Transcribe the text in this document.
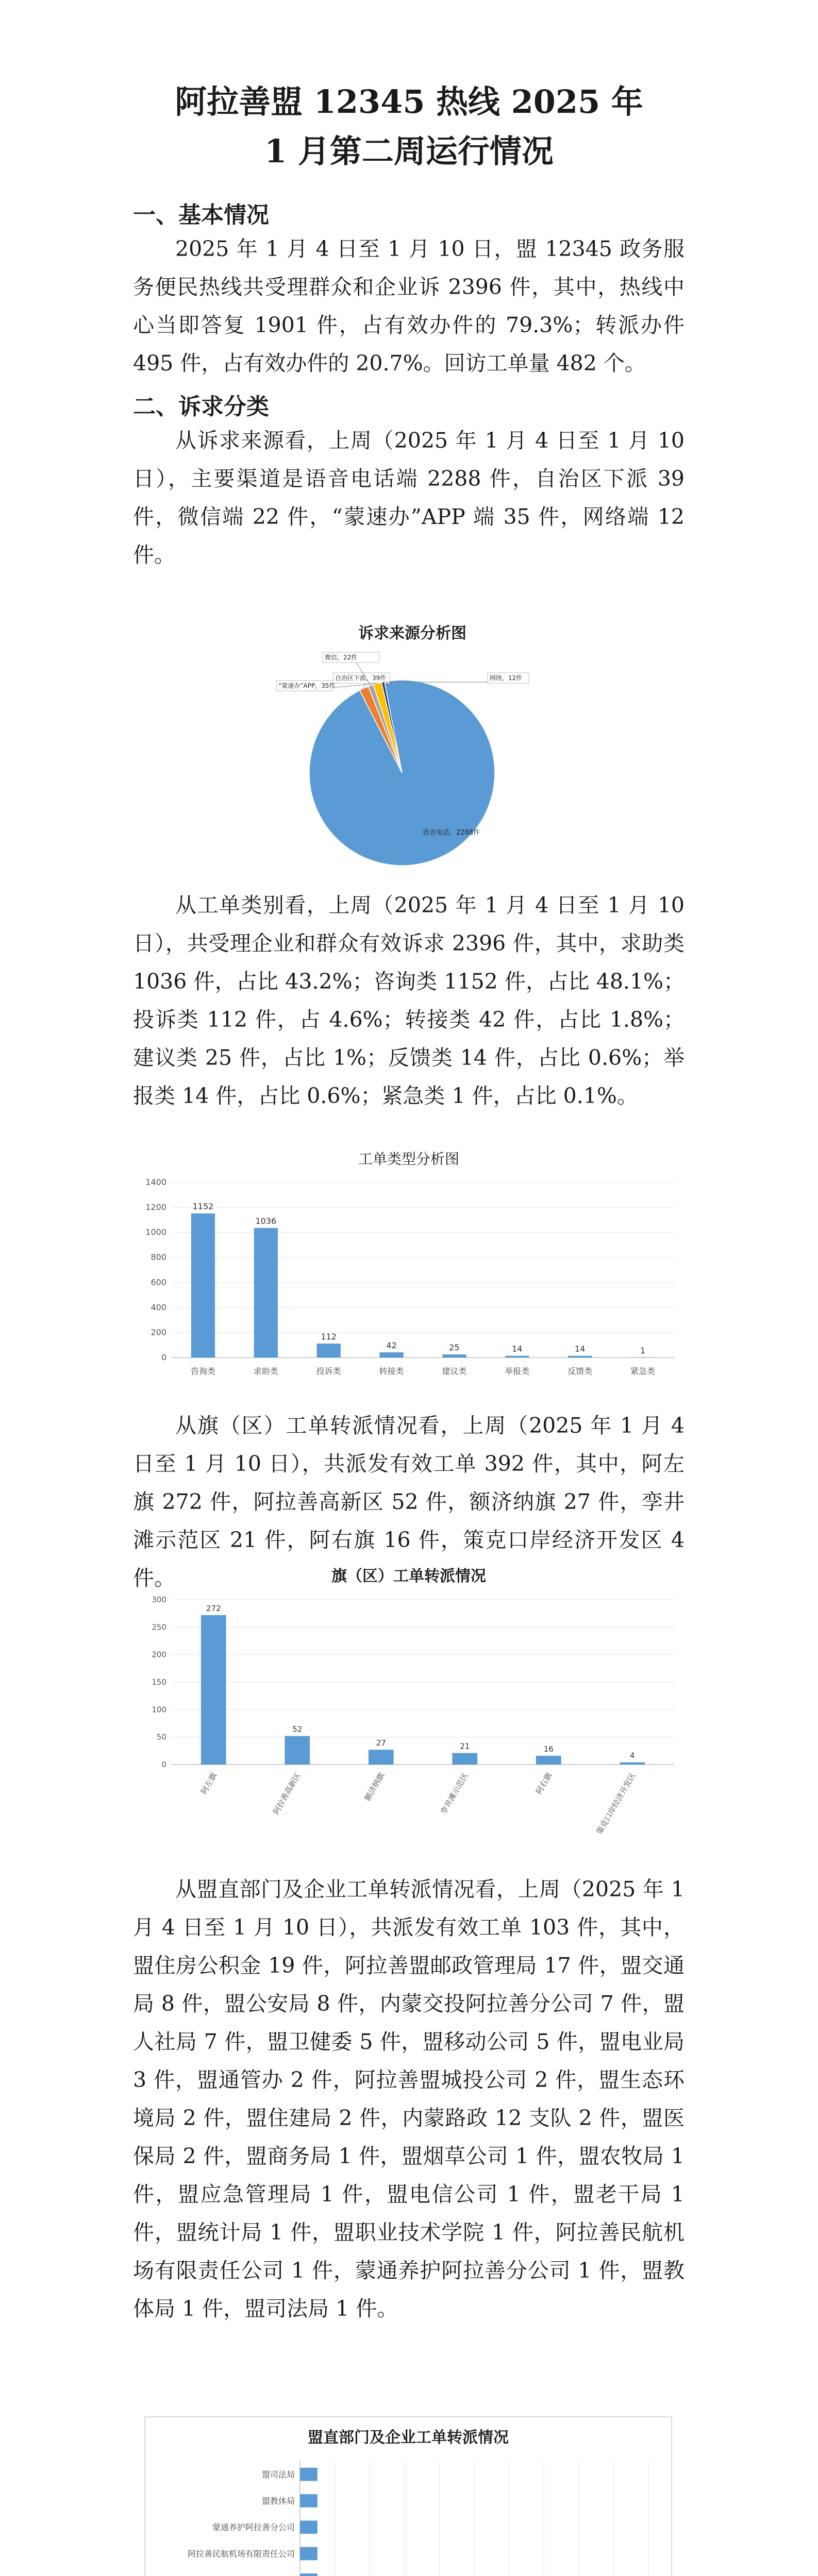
阿拉善盟 12345 热线 2025 年
1 月第二周运行情况
一、基本情况

2025 年 1 月 4 日至 1 月 10 日，盟 12345 政务服务便民热线共受理群众和企业诉 2396 件，其中，热线中心当即答复 1901 件，占有效办件的 79.3%；转派办件 495 件，占有效办件的 20.7%。回访工单量 482 个。

二、诉求分类

从诉求来源看，上周（2025 年 1 月 4 日至 1 月 10 日），主要渠道是语音电话端 2288 件，自治区下派 39 件，微信端 22 件，“蒙速办”APP 端 35 件，网络端 12 件。

诉求来源分析图
语音电话，2288件
自治区下派，39件
微信，22件
“蒙速办”APP，35件
网络，12件

从工单类别看，上周（2025 年 1 月 4 日至 1 月 10 日），共受理企业和群众有效诉求 2396 件，其中，求助类 1036 件，占比 43.2%；咨询类 1152 件，占比 48.1%；投诉类 112 件，占 4.6%；转接类 42 件，占比 1.8%；建议类 25 件，占比 1%；反馈类 14 件，占比 0.6%；举报类 14 件，占比 0.6%；紧急类 1 件，占比 0.1%。

工单类型分析图
0
200
400
600
800
1000
1200
1400
1152
咨询类
1036
求助类
112
投诉类
42
转接类
25
建议类
14
举报类
14
反馈类
1
紧急类

从旗（区）工单转派情况看，上周（2025 年 1 月 4 日至 1 月 10 日），共派发有效工单 392 件，其中，阿左旗 272 件，阿拉善高新区 52 件，额济纳旗 27 件，孪井滩示范区 21 件，阿右旗 16 件，策克口岸经济开发区 4 件。	旗（区）工单转派情况
0
50
100
150
200
250
300
272
阿左旗
52
阿拉善高新区
27
额济纳旗
21
孪井滩示范区
16
阿右旗
4
策克口岸经济开发区

从盟直部门及企业工单转派情况看，上周（2025 年 1 月 4 日至 1 月 10 日），共派发有效工单 103 件，其中，盟住房公积金 19 件，阿拉善盟邮政管理局 17 件，盟交通局 8 件，盟公安局 8 件，内蒙交投阿拉善分公司 7 件，盟人社局 7 件，盟卫健委 5 件，盟移动公司 5 件，盟电业局 3 件，盟通管办 2 件，阿拉善盟城投公司 2 件，盟生态环境局 2 件，盟住建局 2 件，内蒙路政 12 支队 2 件，盟医保局 2 件，盟商务局 1 件，盟烟草公司 1 件，盟农牧局 1 件，盟应急管理局 1 件，盟电信公司 1 件，盟老干局 1 件，盟统计局 1 件，盟职业技术学院 1 件，阿拉善民航机场有限责任公司 1 件，蒙通养护阿拉善分公司 1 件，盟教体局 1 件，盟司法局 1 件。

盟直部门及企业工单转派情况
阿拉善民航机场有限责任公司
蒙通养护阿拉善分公司
盟教体局
盟司法局
